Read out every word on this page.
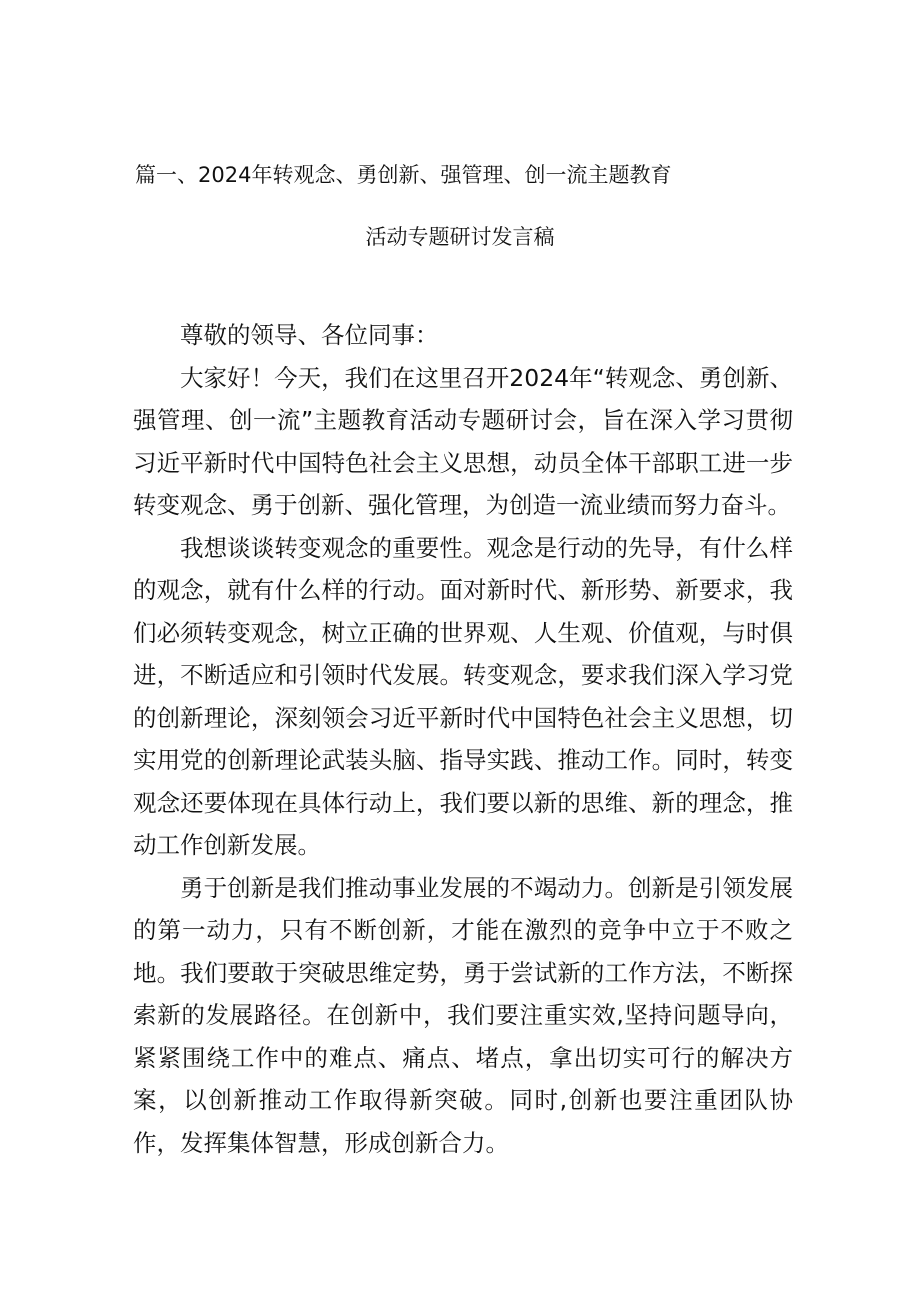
篇一、2024年转观念、勇创新、强管理、创一流主题教育
活动专题研讨发言稿

尊敬的领导、各位同事：

大家好！今天，我们在这里召开2024年“转观念、勇创新、强管理、创一流”主题教育活动专题研讨会，旨在深入学习贯彻习近平新时代中国特色社会主义思想，动员全体干部职工进一步转变观念、勇于创新、强化管理，为创造一流业绩而努力奋斗。

我想谈谈转变观念的重要性。观念是行动的先导，有什么样的观念，就有什么样的行动。面对新时代、新形势、新要求，我们必须转变观念，树立正确的世界观、人生观、价值观，与时俱进，不断适应和引领时代发展。转变观念，要求我们深入学习党的创新理论，深刻领会习近平新时代中国特色社会主义思想，切实用党的创新理论武装头脑、指导实践、推动工作。同时，转变观念还要体现在具体行动上，我们要以新的思维、新的理念，推动工作创新发展。

勇于创新是我们推动事业发展的不竭动力。创新是引领发展的第一动力，只有不断创新，才能在激烈的竞争中立于不败之地。我们要敢于突破思维定势，勇于尝试新的工作方法，不断探索新的发展路径。在创新中，我们要注重实效,坚持问题导向，紧紧围绕工作中的难点、痛点、堵点，拿出切实可行的解决方案，以创新推动工作取得新突破。同时,创新也要注重团队协作，发挥集体智慧，形成创新合力。
